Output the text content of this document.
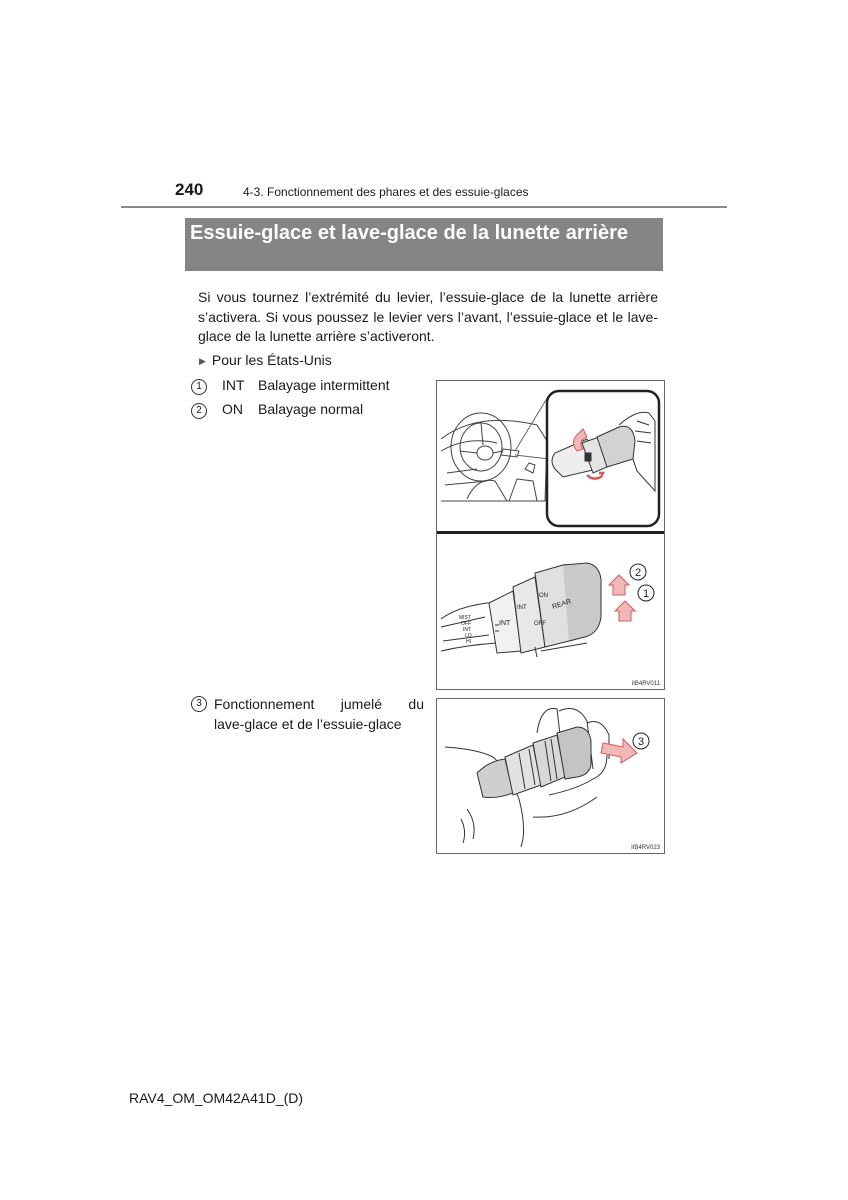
240	4-3. Fonctionnement des phares et des essuie-glaces
Essuie-glace et lave-glace de la lunette arrière
Si vous tournez l’extrémité du levier, l’essuie-glace de la lunette arrière s’activera. Si vous poussez le levier vers l’avant, l’essuie-glace et le lave-glace de la lunette arrière s’activeront.
▶ Pour les États-Unis
1 INT Balayage intermittent
2 ON Balayage normal
3 Fonctionnement jumelé du
lave-glace et de l’essuie-glace
ON
INT
OFF
REAR
INT
MIST
OFF
INT
LO
HI
2
1
IIB4RV011
3
IIB4RV023
RAV4_OM_OM42A41D_(D)
